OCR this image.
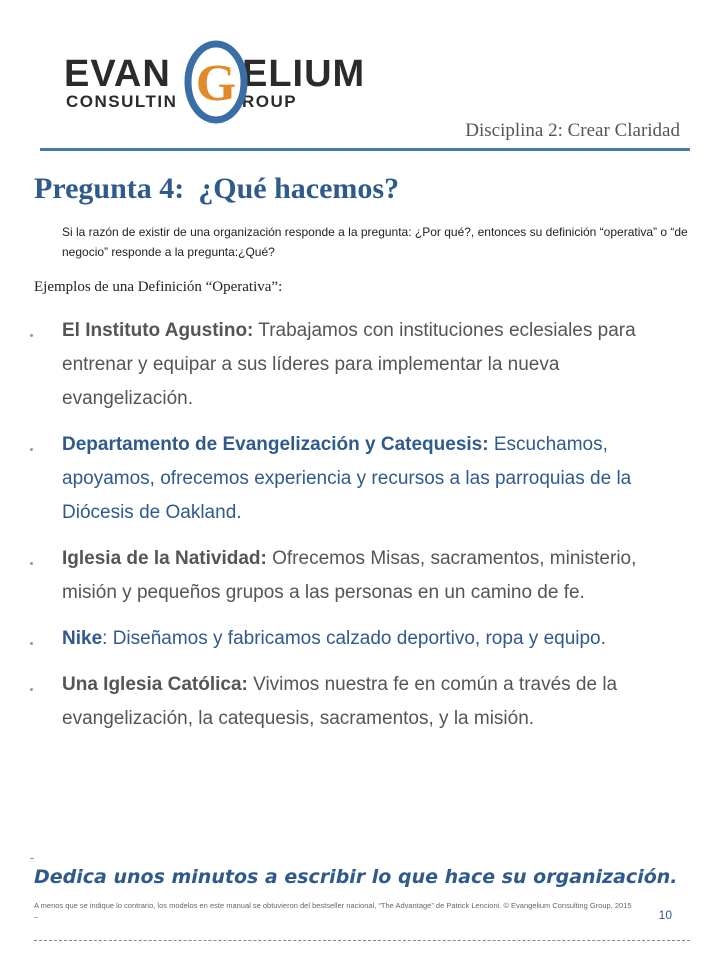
EVAN ELIUM
CONSULTIN	ROUP
G
Disciplina 2: Crear Claridad
Pregunta 4: ¿Qué hacemos?
Si la razón de existir de una organización responde a la pregunta: ¿Por qué?, entonces su definición “operativa” o “de negocio” responde a la pregunta:¿Qué?
Ejemplos de una Definición “Operativa”:
El Instituto Agustino: Trabajamos con instituciones eclesiales para entrenar y equipar a sus líderes para implementar la nueva evangelización.
Departamento de Evangelización y Catequesis: Escuchamos, apoyamos, ofrecemos experiencia y recursos a las parroquias de la Diócesis de Oakland.
Iglesia de la Natividad: Ofrecemos Misas, sacramentos, ministerio, misión y pequeños grupos a las personas en un camino de fe.
Nike: Diseñamos y fabricamos calzado deportivo, ropa y equipo.
Una Iglesia Católica: Vivimos nuestra fe en común a través de la evangelización, la catequesis, sacramentos, y la misión.
Dedica unos minutos a escribir lo que hace su organización.
A menos que se indique lo contrario, los modelos en este manual se obtuvieron del bestseller nacional, “The Advantage” de Patrick Lencioni. © Evangelium Consulting Group, 2015 –	10
